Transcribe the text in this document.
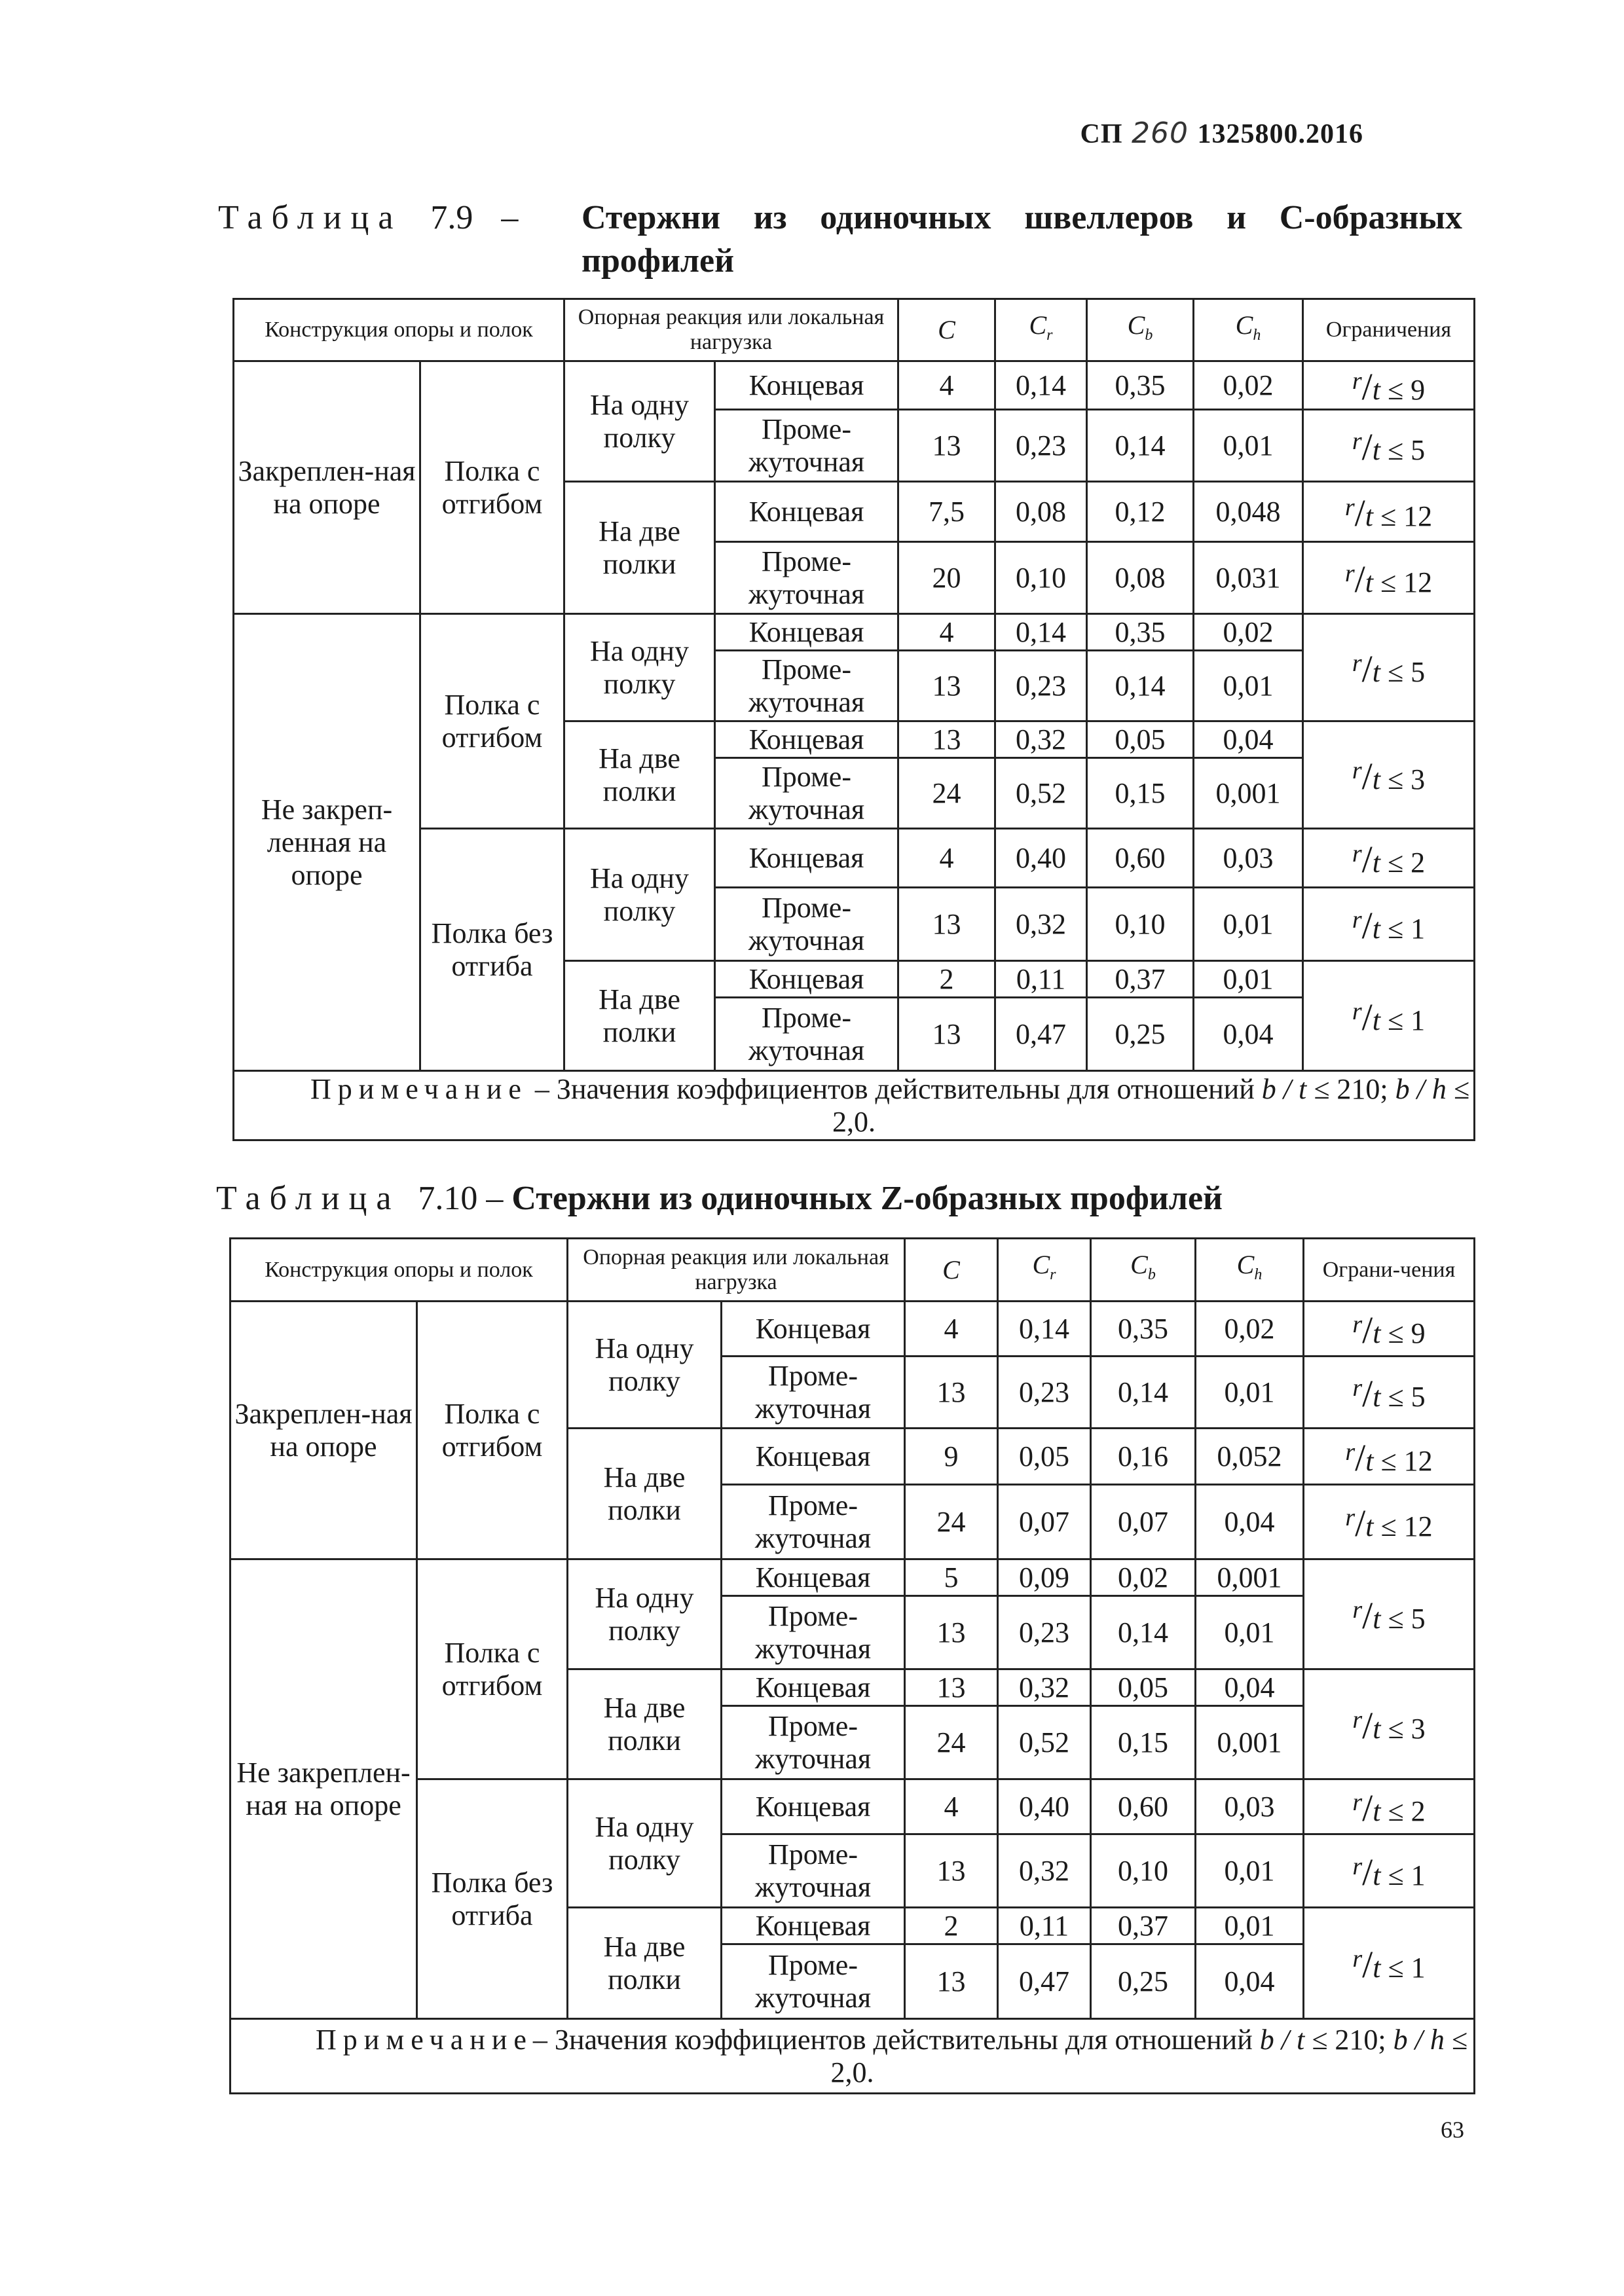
СП 260 1325800.2016
Таблица 7.9 – Стержни из одиночных швеллеров и С-образных профилей
Конструкция опоры и полок		Опорная реакция или локальная нагрузка		C	$C_r$	$C_b$	$C_h$	Ограничения
Закреплен-ная на опоре	Полка с отгибом	На одну полку	Концевая	4	0,14	0,35	0,02	r/t ≤ 9
			Проме-жуточная	13	0,23	0,14	0,01	r/t ≤ 5
		На две полки	Концевая	7,5	0,08	0,12	0,048	r/t ≤ 12
			Проме-жуточная	20	0,10	0,08	0,031	r/t ≤ 12
Не закреп-ленная на опоре	Полка с отгибом	На одну полку	Концевая	4	0,14	0,35	0,02	r/t ≤ 5
			Проме-жуточная	13	0,23	0,14	0,01	
		На две полки	Концевая	13	0,32	0,05	0,04	r/t ≤ 3
			Проме-жуточная	24	0,52	0,15	0,001	
	Полка без отгиба	На одну полку	Концевая	4	0,40	0,60	0,03	r/t ≤ 2
			Проме-жуточная	13	0,32	0,10	0,01	r/t ≤ 1
		На две полки	Концевая	2	0,11	0,37	0,01	r/t ≤ 1
			Проме-жуточная	13	0,47	0,25	0,04	
Примечание – Значения коэффициентов действительны для отношений b / t ≤ 210; b / h ≤ 2,0.								
Таблица 7.10 – Стержни из одиночных Z-образных профилей
Конструкция опоры и полок		Опорная реакция или локальная нагрузка		C	$C_r$	$C_b$	$C_h$	Ограни-чения
Закреплен-ная на опоре	Полка с отгибом	На одну полку	Концевая	4	0,14	0,35	0,02	r/t ≤ 9
			Проме-жуточная	13	0,23	0,14	0,01	r/t ≤ 5
		На две полки	Концевая	9	0,05	0,16	0,052	r/t ≤ 12
			Проме-жуточная	24	0,07	0,07	0,04	r/t ≤ 12
Не закреплен-ная на опоре	Полка с отгибом	На одну полку	Концевая	5	0,09	0,02	0,001	r/t ≤ 5
			Проме-жуточная	13	0,23	0,14	0,01	
		На две полки	Концевая	13	0,32	0,05	0,04	r/t ≤ 3
			Проме-жуточная	24	0,52	0,15	0,001	
	Полка без отгиба	На одну полку	Концевая	4	0,40	0,60	0,03	r/t ≤ 2
			Проме-жуточная	13	0,32	0,10	0,01	r/t ≤ 1
		На две полки	Концевая	2	0,11	0,37	0,01	r/t ≤ 1
			Проме-жуточная	13	0,47	0,25	0,04	
Примечание– Значения коэффициентов действительны для отношений b / t ≤ 210; b / h ≤ 2,0.								
63
